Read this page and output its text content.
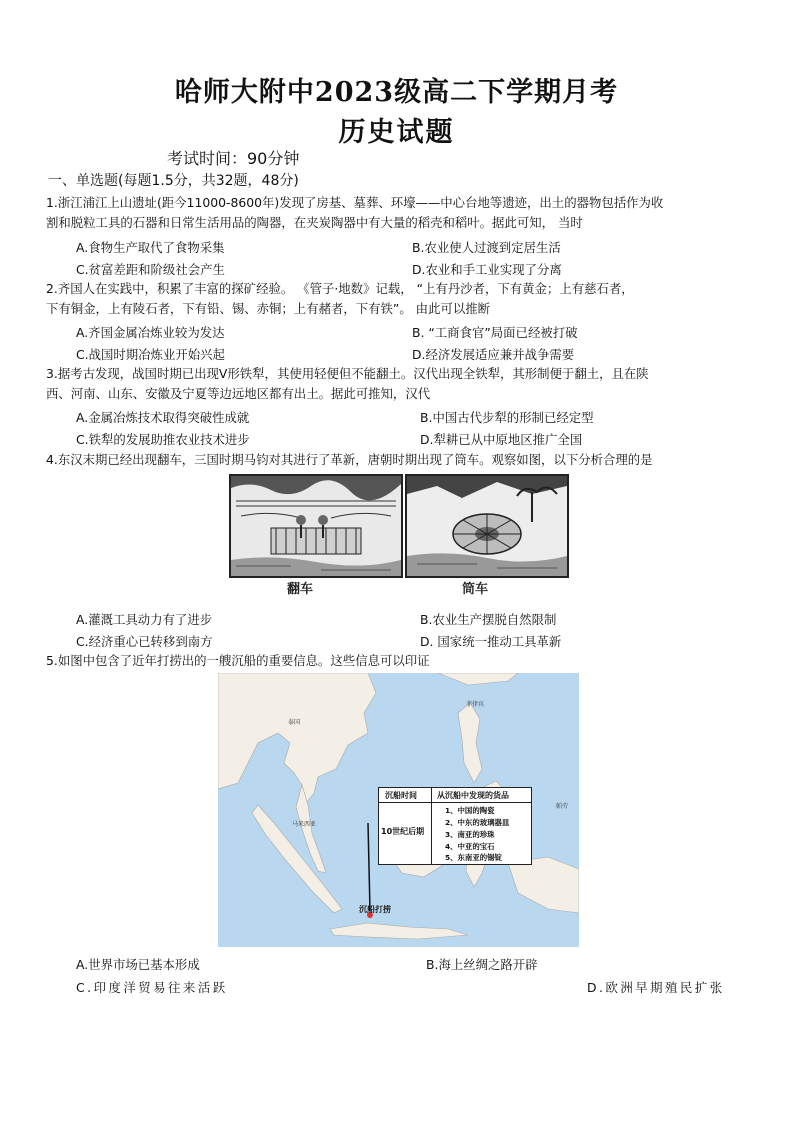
哈师大附中2023级高二下学期月考
历史试题
考试时间：90分钟
一、单选题(每题1.5分，共32题，48分)
1.浙江浦江上山遗址(距今11000-8600年)发现了房基、墓葬、环壕——中心台地等遗迹，出土的器物包括作为收
割和脱粒工具的石器和日常生活用品的陶器，在夹炭陶器中有大量的稻壳和稻叶。据此可知， 当时
A.食物生产取代了食物采集	B.农业使人过渡到定居生活
C.贫富差距和阶级社会产生	D.农业和手工业实现了分离
2.齐国人在实践中，积累了丰富的探矿经验。 《管子·地数》记载， “上有丹沙者，下有黄金；上有慈石者，
下有铜金，上有陵石者，下有铅、锡、赤铜；上有赭者，下有铁”。 由此可以推断
A.齐国金属冶炼业较为发达	B. “工商食官”局面已经被打破
C.战国时期冶炼业开始兴起	D.经济发展适应兼并战争需要
3.据考古发现，战国时期已出现V形铁犁，其使用轻便但不能翻土。汉代出现全铁犁，其形制便于翻土，且在陕
西、河南、山东、安徽及宁夏等边远地区都有出土。据此可推知，汉代
A.金属冶炼技术取得突破性成就	B.中国古代步犁的形制已经定型
C.铁犁的发展助推农业技术进步	D.犁耕已从中原地区推广全国
4.东汉末期已经出现翻车，三国时期马钧对其进行了革新，唐朝时期出现了筒车。观察如图，以下分析合理的是
翻车	筒车
A.灌溉工具动力有了进步	B.农业生产摆脱自然限制
C.经济重心已转移到南方	D. 国家统一推动工具革新
5.如图中包含了近年打捞出的一艘沉船的重要信息。这些信息可以印证
泰国
马来西亚
菲律宾
帕劳
沉船时间	从沉船中发现的货品
10世纪后期
1、中国的陶瓷
2、中东的玻璃器皿
3、南亚的珍珠
4、中亚的宝石
5、东南亚的锡锭
沉船打捞
A.世界市场已基本形成	B.海上丝绸之路开辟
C.印度洋贸易往来活跃	D.欧洲早期殖民扩张
